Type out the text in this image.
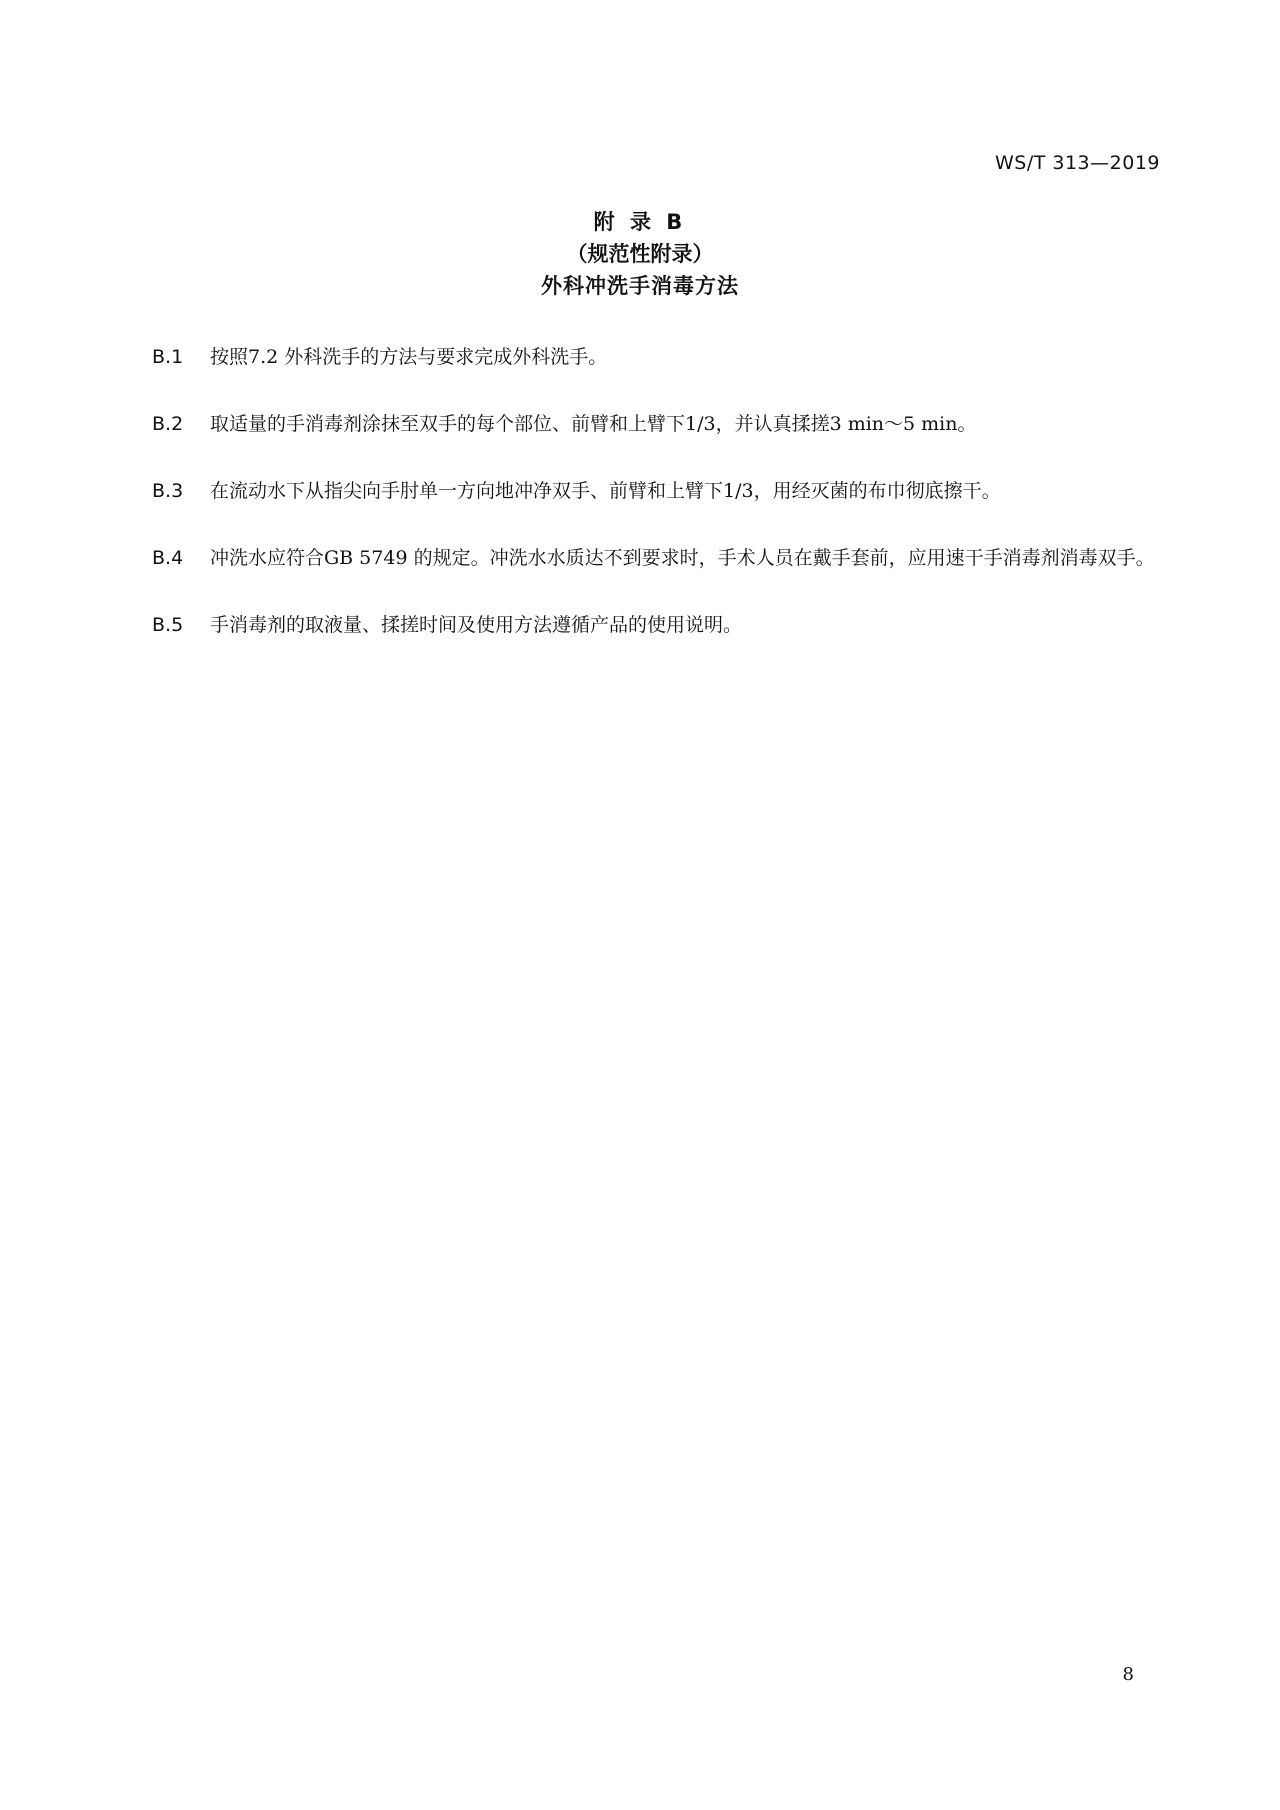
WS/T 313—2019
附 录 B
（规范性附录）
外科冲洗手消毒方法
B.1	按照7.2 外科洗手的方法与要求完成外科洗手。
B.2	取适量的手消毒剂涂抹至双手的每个部位、前臂和上臂下1/3，并认真揉搓3 min～5 min。
B.3	在流动水下从指尖向手肘单一方向地冲净双手、前臂和上臂下1/3，用经灭菌的布巾彻底擦干。
B.4 冲洗水应符合GB 5749 的规定。冲洗水水质达不到要求时，手术人员在戴手套前，应用速干手消毒剂消毒双手。
B.5	手消毒剂的取液量、揉搓时间及使用方法遵循产品的使用说明。
8
